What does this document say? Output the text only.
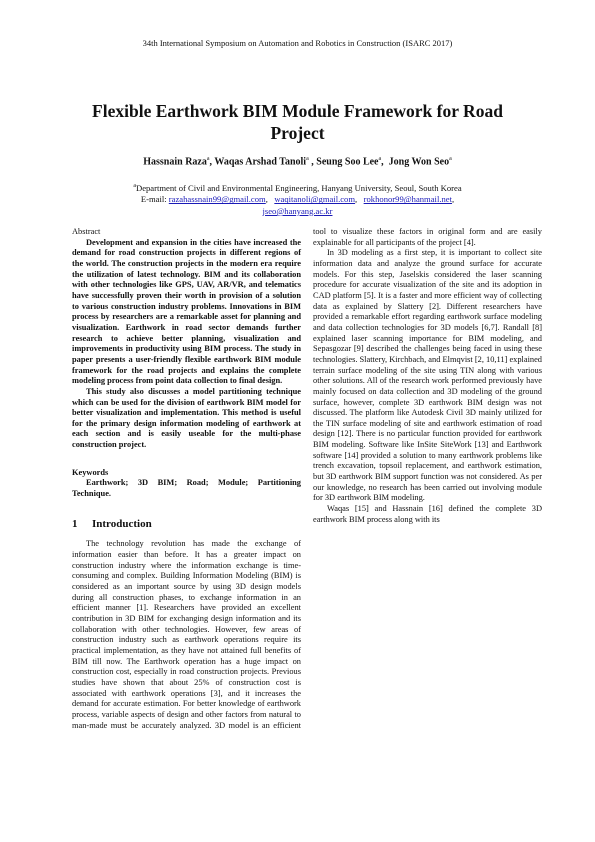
34th International Symposium on Automation and Robotics in Construction (ISARC 2017)
Flexible Earthwork BIM Module Framework for Road Project
Hassnain Raza$^a$, Waqas Arshad Tanoli$^a$ , Seung Soo Lee$^a$,  Jong Won Seo$^a$
$^a$Department of Civil and Environmental Engineering, Hanyang University, Seoul, South Korea
E-mail: razahassnain99@gmail.com,   waqitanoli@gmail.com,   rokhonor99@hanmail.net,
jseo@hanyang.ac.kr

Abstract

Development and expansion in the cities have increased the demand for road construction projects in different regions of the world. The construction projects in the modern era require the utilization of latest technology. BIM and its collaboration with other technologies like GPS, UAV, AR/VR, and telematics have successfully proven their worth in provision of a solution to various construction industry problems. Innovations in BIM process by researchers are a remarkable asset for planning and visualization. Earthwork in road sector demands further research to achieve better planning, visualization and improvements in productivity using BIM process. The study in paper presents a user-friendly flexible earthwork BIM module framework for the road projects and explains the complete modeling process from point data collection to final design.

This study also discusses a model partitioning technique which can be used for the division of earthwork BIM model for better visualization and implementation. This method is useful for the primary design information modeling of earthwork at each section and is easily useable for the multi-phase construction project.

Keywords

Earthwork; 3D BIM; Road; Module; Partitioning Technique.

1 Introduction

The technology revolution has made the exchange of information easier than before. It has a greater impact on construction industry where the information exchange is time-consuming and complex. Building Information Modeling (BIM) is considered as an important source by using 3D design models during all construction phases, to exchange information in an efficient manner [1]. Researchers have provided an excellent contribution in 3D BIM for exchanging design information and its collaboration with other technologies. However, few areas of construction industry such as earthwork operations require its practical implementation, as they have not attained full benefits of BIM till now. The Earthwork operation has a huge impact on construction cost, especially in road construction projects. Previous studies have shown that about 25% of construction cost is associated with earthwork operations [3], and it increases the demand for accurate estimation. For better knowledge of earthwork process, variable aspects of design and other factors from natural to man-made must be accurately analyzed. 3D model is an efficient

tool to visualize these factors in original form and are easily explainable for all participants of the project [4].

In 3D modeling as a first step, it is important to collect site information data and analyze the ground surface for accurate models. For this step, Jaselskis considered the laser scanning procedure for accurate visualization of the site and its adoption in CAD platform [5]. It is a faster and more efficient way of collecting data as explained by Slattery [2]. Different researchers have provided a remarkable effort regarding earthwork surface modeling and data collection technologies for 3D models [6,7]. Randall [8] explained laser scanning importance for BIM modeling, and Sepasgozar [9] described the challenges being faced in using these technologies. Slattery, Kirchbach, and Elmqvist [2, 10,11] explained terrain surface modeling of the site using TIN along with various other solutions. All of the research work performed previously have mainly focused on data collection and 3D modeling of the ground surface, however, complete 3D earthwork BIM design was not discussed. The platform like Autodesk Civil 3D mainly utilized for the TIN surface modeling of site and earthwork estimation of road design [12]. There is no particular function provided for earthwork BIM modeling. Software like InSite SiteWork [13] and Earthwork software [14] provided a solution to many earthwork problems like trench excavation, topsoil replacement, and earthwork estimation, but 3D earthwork BIM support function was not considered. As per our knowledge, no research has been carried out involving module for 3D earthwork BIM modeling.

Waqas [15] and Hassnain [16] defined the complete 3D earthwork BIM process along with its
